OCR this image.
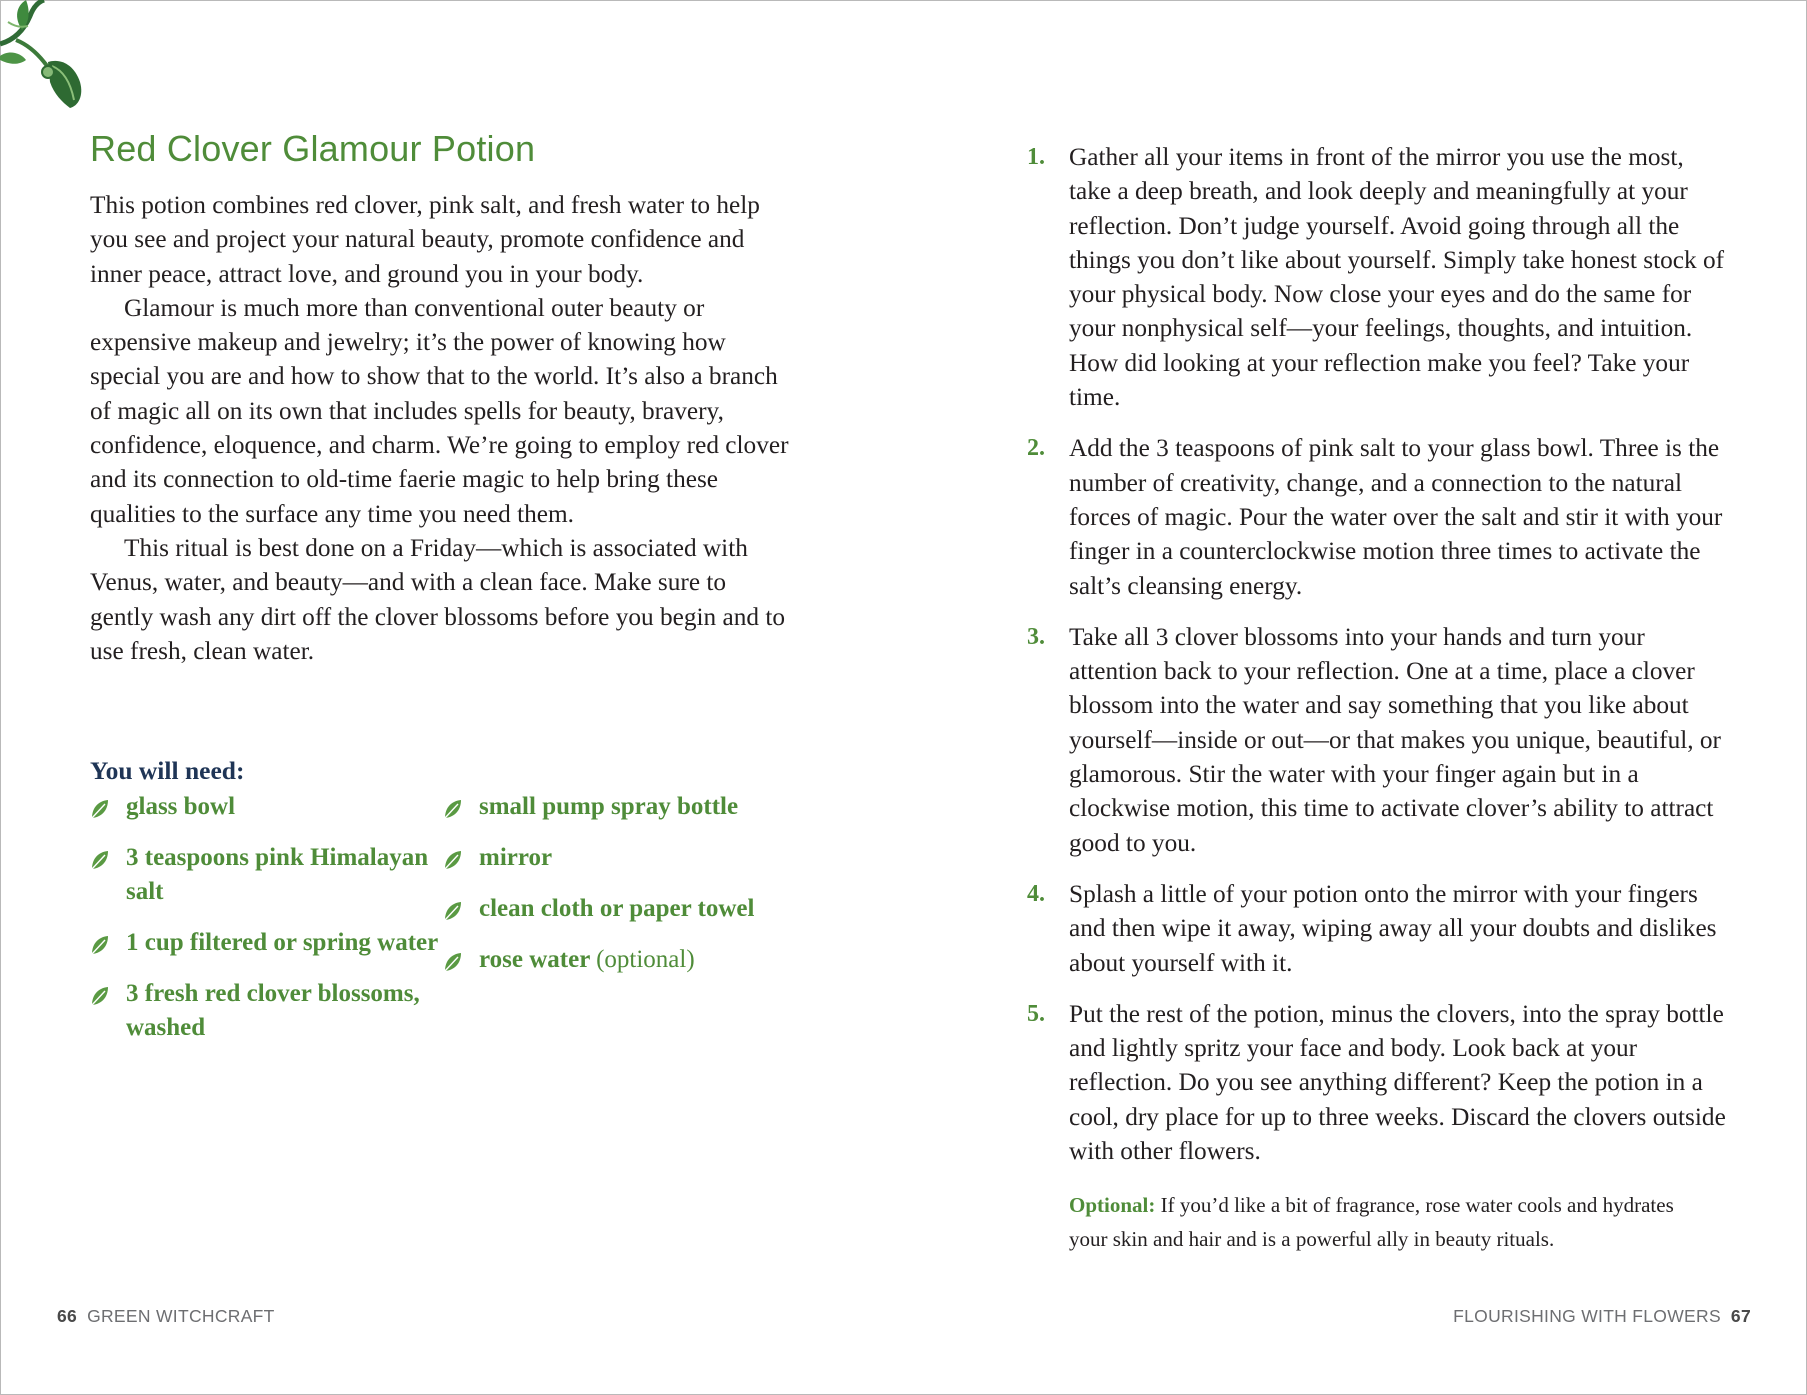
Red Clover Glamour Potion

This potion combines red clover, pink salt, and fresh water to help you see and project your natural beauty, promote confidence and inner peace, attract love, and ground you in your body.

Glamour is much more than conventional outer beauty or expensive makeup and jewelry; it’s the power of knowing how special you are and how to show that to the world. It’s also a branch of magic all on its own that includes spells for beauty, bravery, confidence, eloquence, and charm. We’re going to employ red clover and its connection to old-time faerie magic to help bring these qualities to the surface any time you need them.

This ritual is best done on a Friday—which is associated with Venus, water, and beauty—and with a clean face. Make sure to gently wash any dirt off the clover blossoms before you begin and to use fresh, clean water.

You will need:
glass bowl
3 teaspoons pink Himalayan salt
1 cup filtered or spring water
3 fresh red clover blossoms, washed
small pump spray bottle
mirror
clean cloth or paper towel
rose water (optional)
1. Gather all your items in front of the mirror you use the most, take a deep breath, and look deeply and meaningfully at your reflection. Don’t judge yourself. Avoid going through all the things you don’t like about yourself. Simply take honest stock of your physical body. Now close your eyes and do the same for your nonphysical self—your feelings, thoughts, and intuition. How did looking at your reflection make you feel? Take your time.
2. Add the 3 teaspoons of pink salt to your glass bowl. Three is the number of creativity, change, and a connection to the natural forces of magic. Pour the water over the salt and stir it with your finger in a counterclockwise motion three times to activate the salt’s cleansing energy.
3. Take all 3 clover blossoms into your hands and turn your attention back to your reflection. One at a time, place a clover blossom into the water and say something that you like about yourself—inside or out—or that makes you unique, beautiful, or glamorous. Stir the water with your finger again but in a clockwise motion, this time to activate clover’s ability to attract good to you.
4. Splash a little of your potion onto the mirror with your fingers and then wipe it away, wiping away all your doubts and dislikes about yourself with it.
5. Put the rest of the potion, minus the clovers, into the spray bottle and lightly spritz your face and body. Look back at your reflection. Do you see anything different? Keep the potion in a cool, dry place for up to three weeks. Discard the clovers outside with other flowers.

Optional: If you’d like a bit of fragrance, rose water cools and hydrates your skin and hair and is a powerful ally in beauty rituals.

66 GREEN WITCHCRAFT	FLOURISHING WITH FLOWERS 67
